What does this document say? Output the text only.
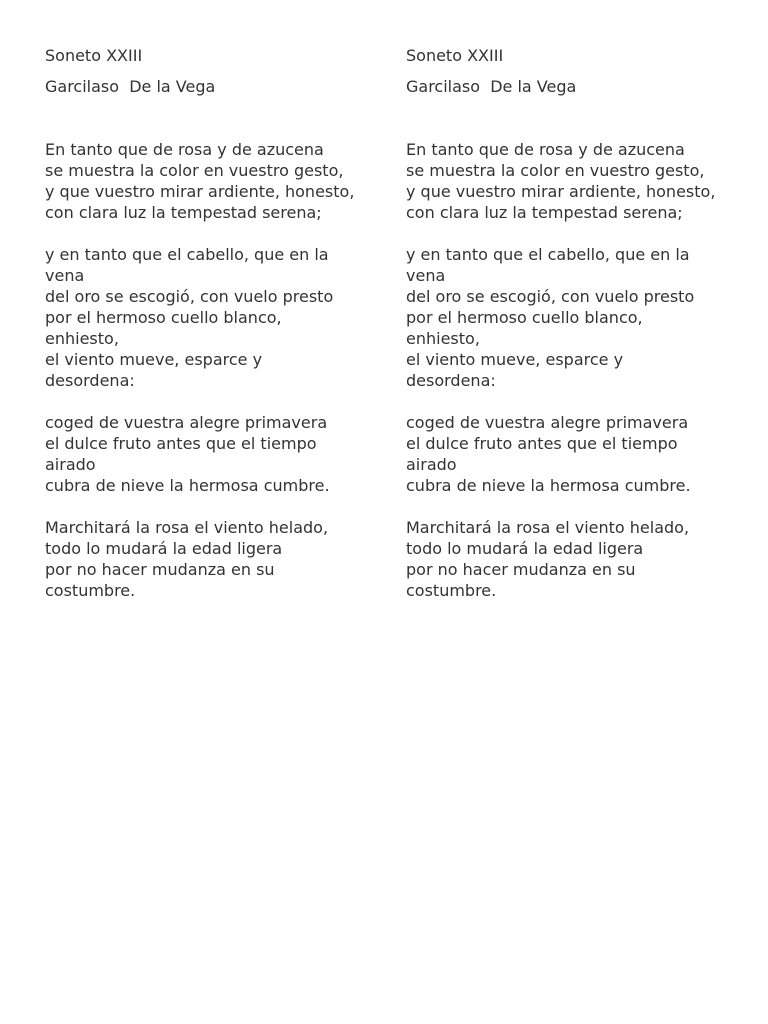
Soneto XXIII
Garcilaso  De la Vega
En tanto que de rosa y de azucena
se muestra la color en vuestro gesto,
y que vuestro mirar ardiente, honesto,
con clara luz la tempestad serena;
y en tanto que el cabello, que en la
vena
del oro se escogió, con vuelo presto
por el hermoso cuello blanco,
enhiesto,
el viento mueve, esparce y
desordena:
coged de vuestra alegre primavera
el dulce fruto antes que el tiempo
airado
cubra de nieve la hermosa cumbre.
Marchitará la rosa el viento helado,
todo lo mudará la edad ligera
por no hacer mudanza en su
costumbre.
Soneto XXIII
Garcilaso  De la Vega
En tanto que de rosa y de azucena
se muestra la color en vuestro gesto,
y que vuestro mirar ardiente, honesto,
con clara luz la tempestad serena;
y en tanto que el cabello, que en la
vena
del oro se escogió, con vuelo presto
por el hermoso cuello blanco,
enhiesto,
el viento mueve, esparce y
desordena:
coged de vuestra alegre primavera
el dulce fruto antes que el tiempo
airado
cubra de nieve la hermosa cumbre.
Marchitará la rosa el viento helado,
todo lo mudará la edad ligera
por no hacer mudanza en su
costumbre.
